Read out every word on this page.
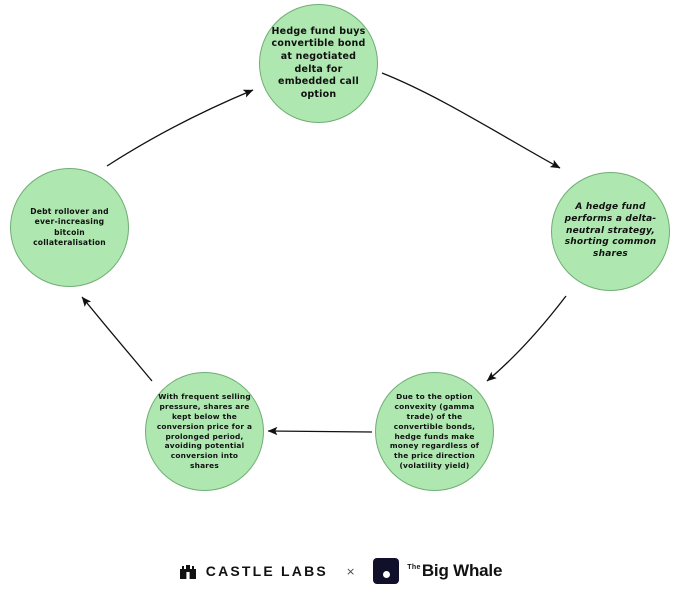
Hedge fund buys convertible bond at negotiated delta for embedded call option
A hedge fund performs a delta-neutral strategy, shorting common shares
Due to the option convexity (gamma trade) of the convertible bonds, hedge funds make money regardless of the price direction (volatility yield)
With frequent selling pressure, shares are kept below the conversion price for a prolonged period, avoiding potential conversion into shares
Debt rollover and ever-increasing bitcoin collateralisation
CASTLE LABS	×	The Big Whale
